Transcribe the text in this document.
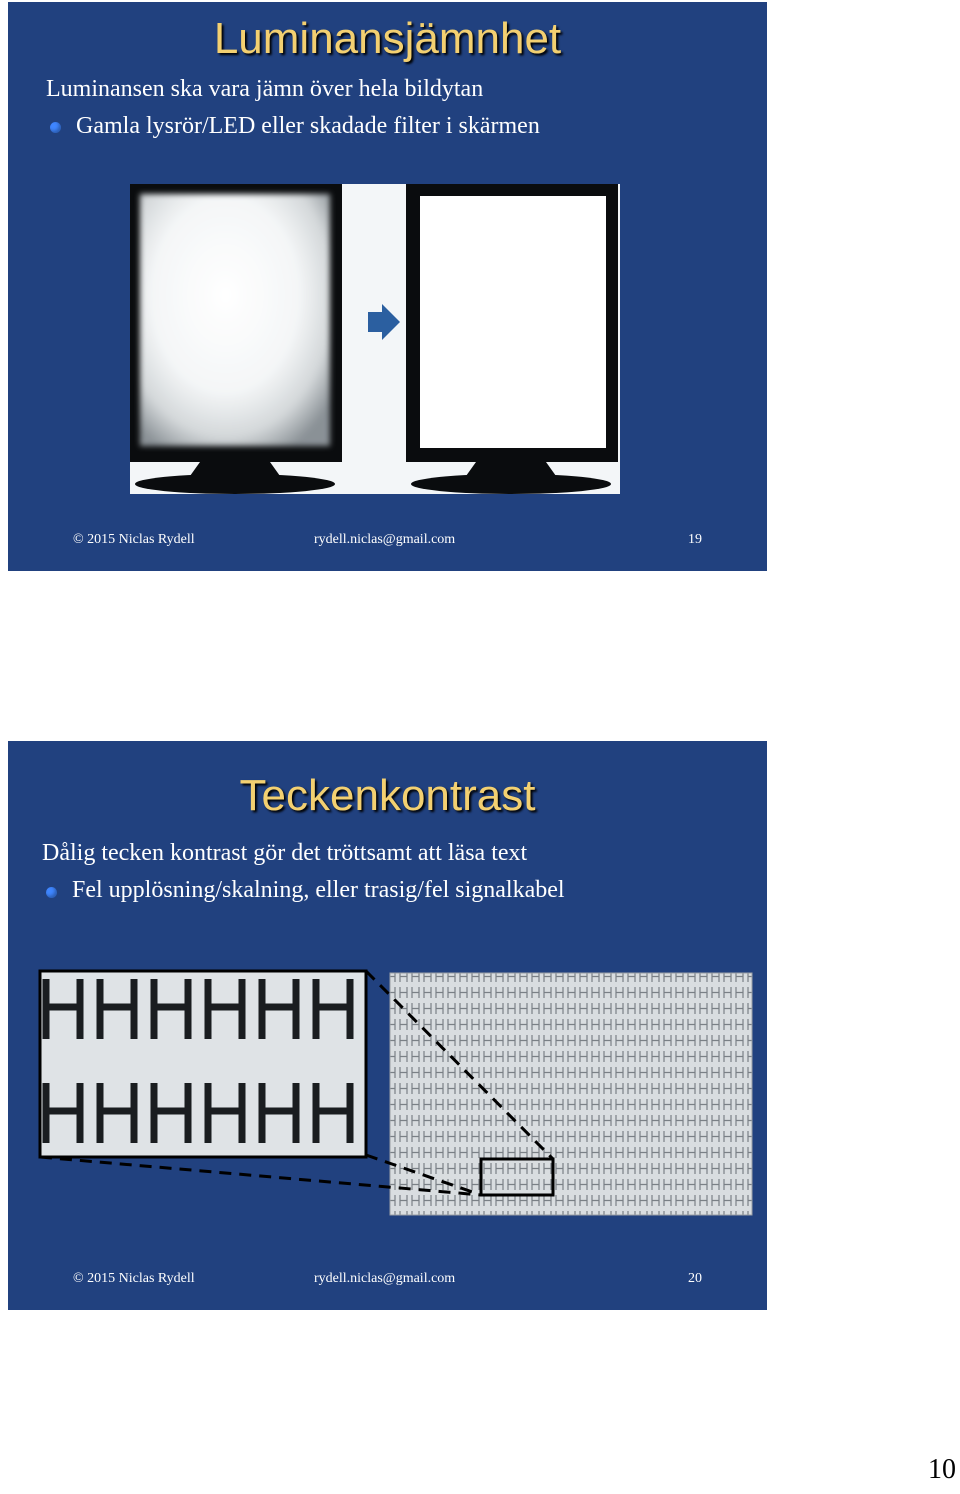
Luminansjämnhet
Luminansen ska vara jämn över hela bildytan
Gamla lysrör/LED eller skadade filter i skärmen
© 2015 Niclas Rydell	rydell.niclas@gmail.com	19
Teckenkontrast
Dålig tecken kontrast gör det tröttsamt att läsa text
Fel upplösning/skalning, eller trasig/fel signalkabel
© 2015 Niclas Rydell	rydell.niclas@gmail.com	20
10
